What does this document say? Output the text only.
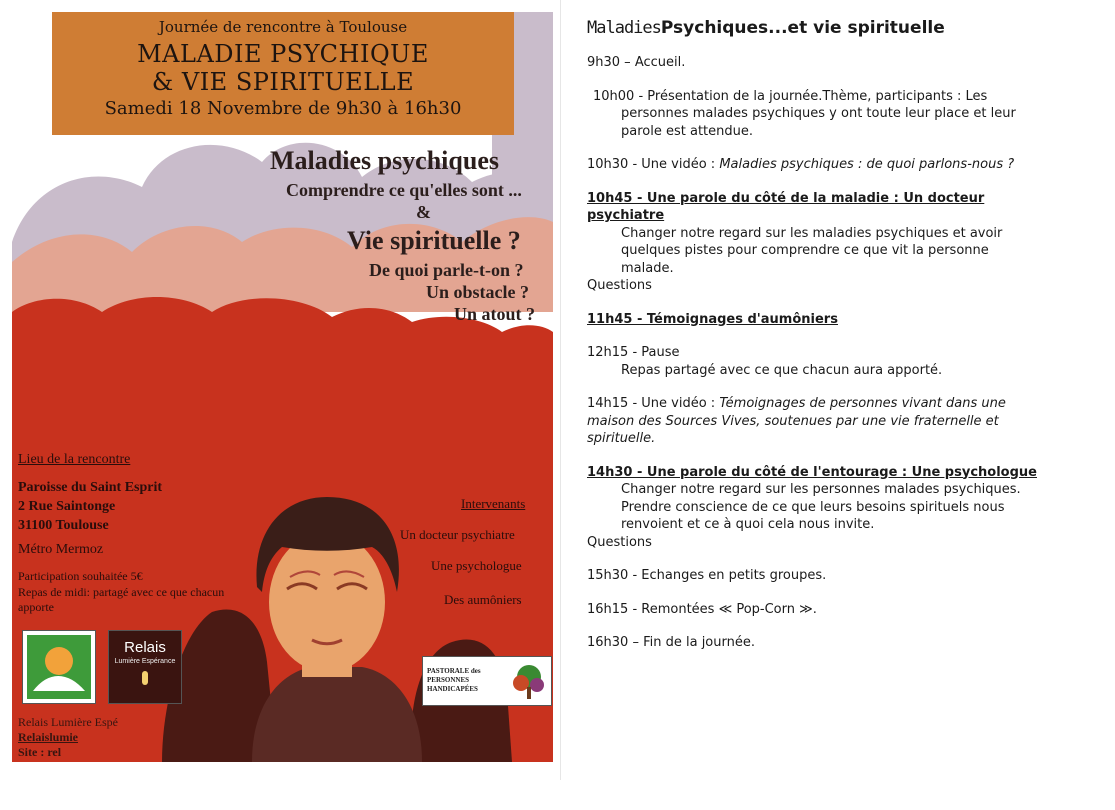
Journée de rencontre à Toulouse
MALADIE PSYCHIQUE
& VIE SPIRITUELLE
Samedi 18 Novembre de 9h30 à 16h30
Maladies psychiques
Comprendre ce qu'elles sont ...
&
Vie spirituelle ?
De quoi parle-t-on ?
Un obstacle ?
Un atout ?
Lieu de la rencontre
Paroisse du Saint Esprit
2 Rue Saintonge
31100 Toulouse
Métro Mermoz
Participation souhaitée 5€
Repas de midi: partagé avec ce que chacun apporte
Intervenants
Un docteur psychiatre
Une psychologue
Des aumôniers
Relais
Lumière Espérance
PASTORALE des PERSONNES HANDICAPÉES
Relais Lumière Espé
Relaislumie
Site : rel
MaladiesPsychiques...et vie spirituelle
9h30 – Accueil.
10h00 - Présentation de la journée.Thème, participants : Les personnes malades psychiques y ont toute leur place et leur parole est attendue.
10h30 - Une vidéo : Maladies psychiques : de quoi parlons-nous ?
10h45 - Une parole du côté de la maladie : Un docteur psychiatre
Changer notre regard sur les maladies psychiques et avoir quelques pistes pour comprendre ce que vit la personne malade.
Questions
11h45 - Témoignages d'aumôniers
12h15 - Pause
Repas partagé avec ce que chacun aura apporté.
14h15 - Une vidéo : Témoignages de personnes vivant dans une maison des Sources Vives, soutenues par une vie fraternelle et spirituelle.
14h30 - Une parole du côté de l'entourage : Une psychologue
Changer notre regard sur les personnes malades psychiques. Prendre conscience de ce que leurs besoins spirituels nous renvoient et ce à quoi cela nous invite.
Questions
15h30 - Echanges en petits groupes.
16h15 - Remontées ≪ Pop-Corn ≫.
16h30 – Fin de la journée.
